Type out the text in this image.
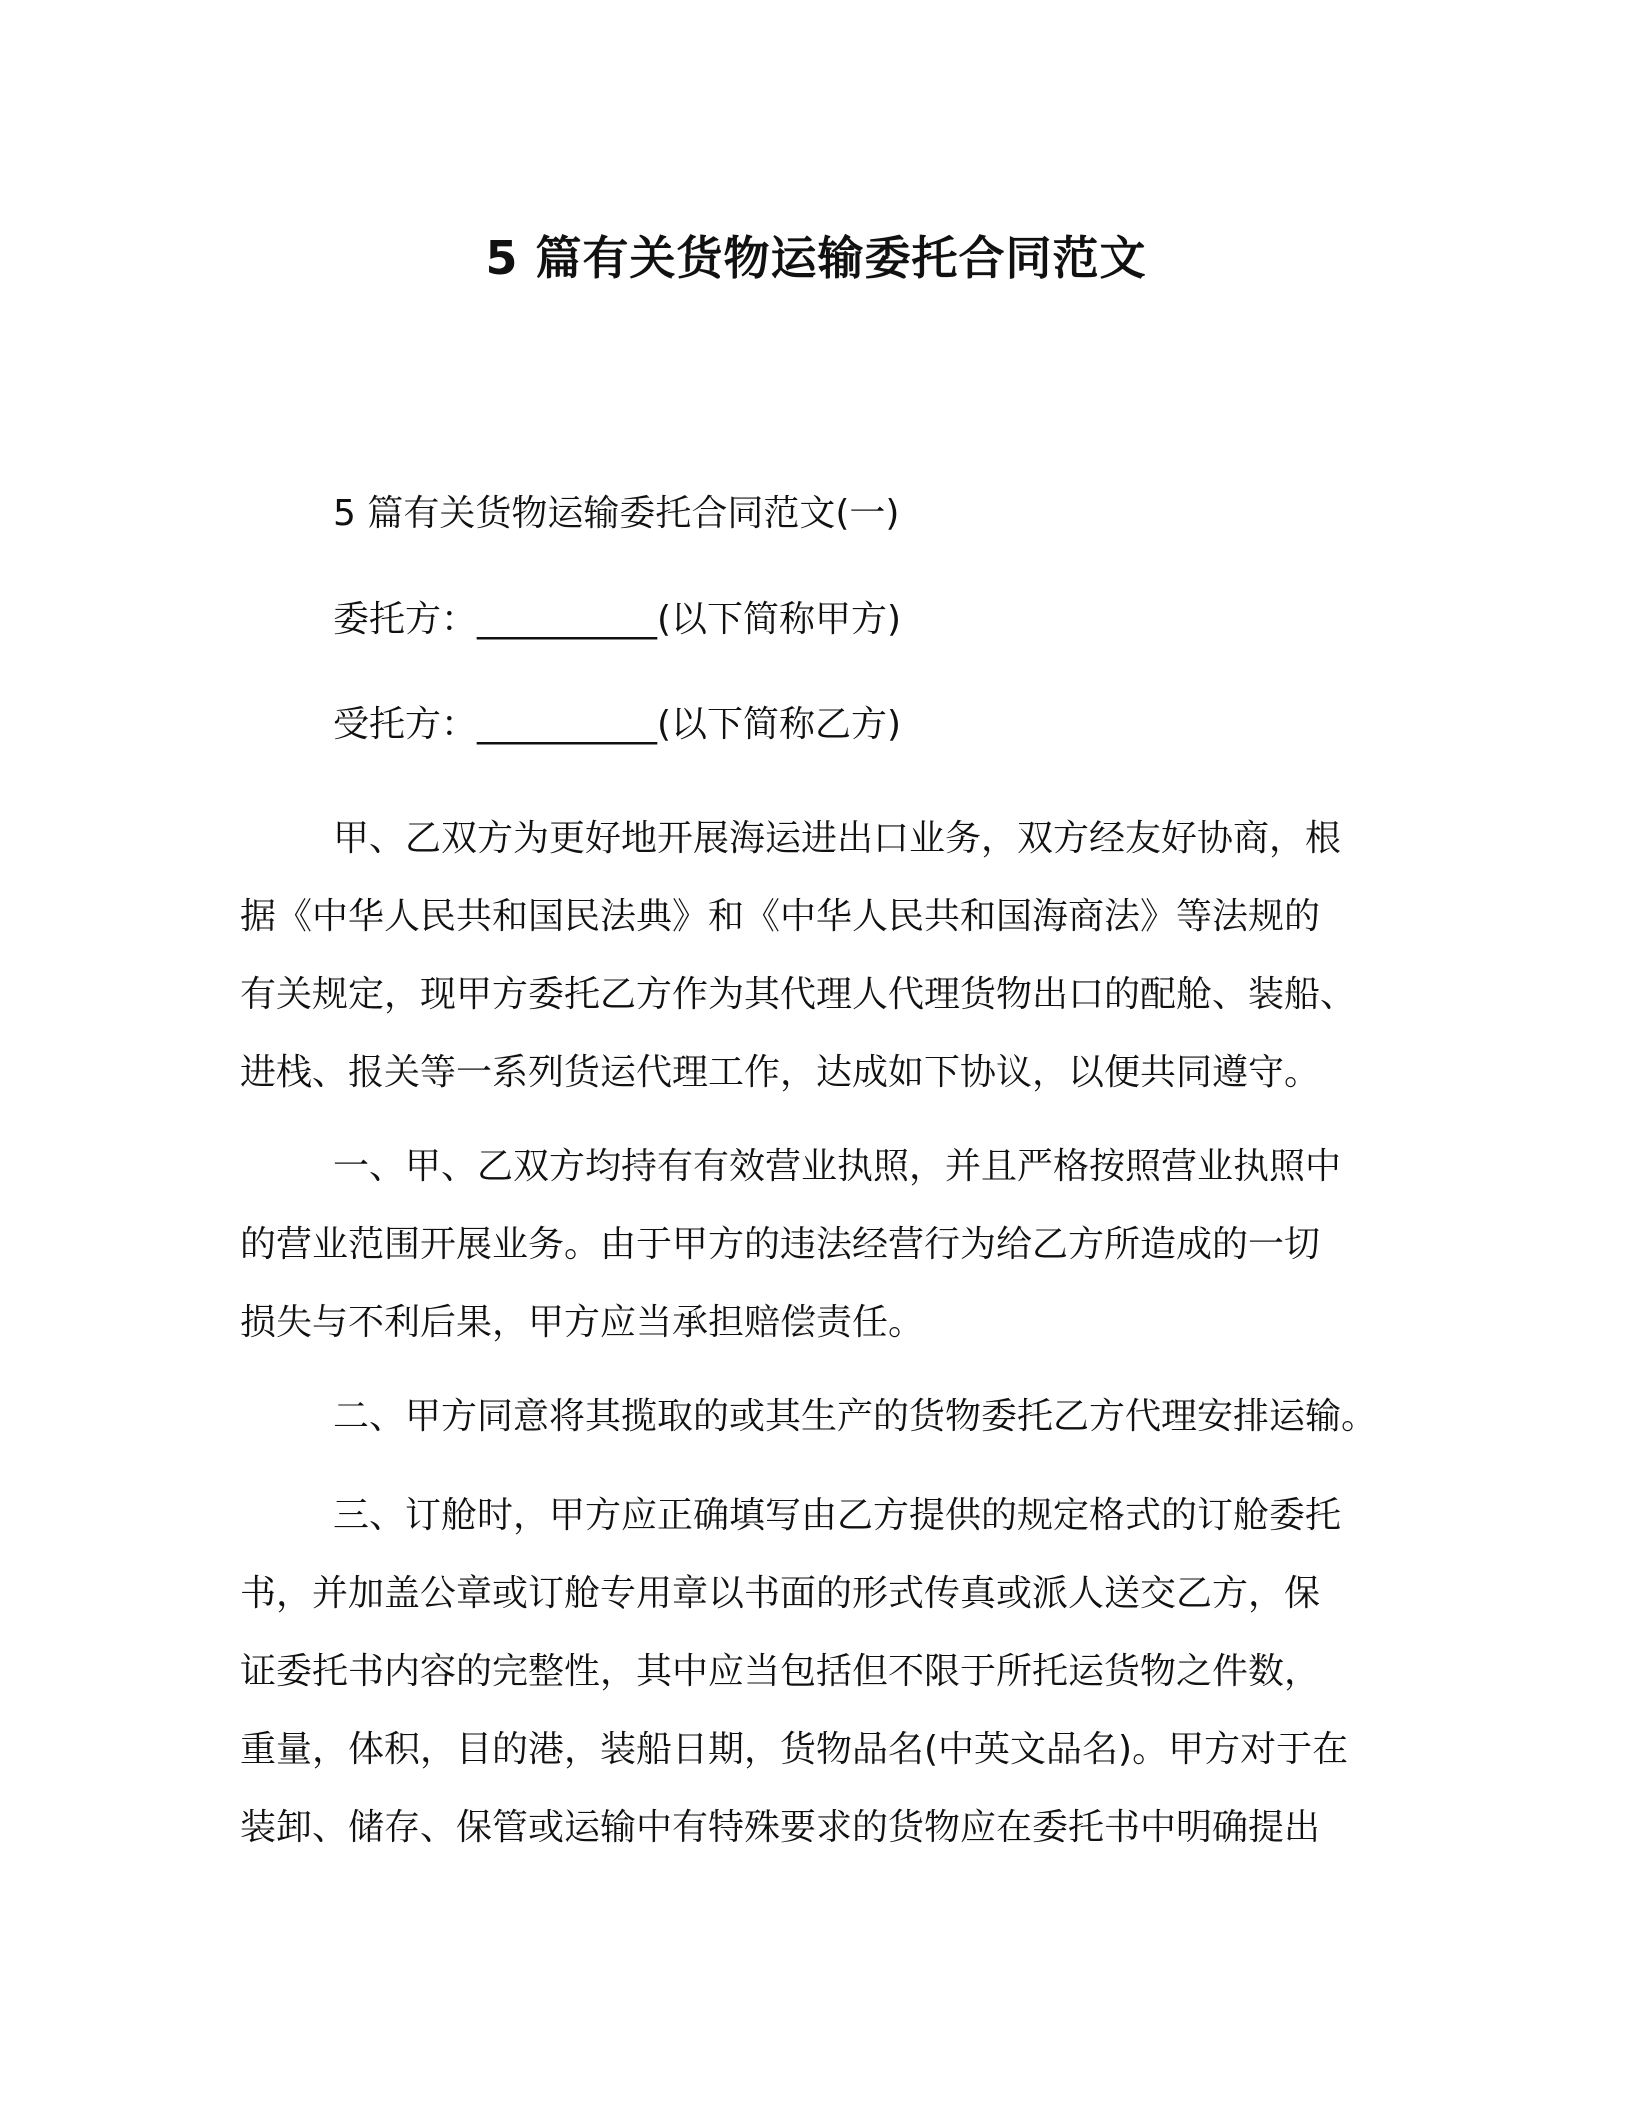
5 篇有关货物运输委托合同范文

5 篇有关货物运输委托合同范文(一)

委托方：__________(以下简称甲方)

受托方：__________(以下简称乙方)

甲、乙双方为更好地开展海运进出口业务，双方经友好协商，根
据《中华人民共和国民法典》和《中华人民共和国海商法》等法规的
有关规定，现甲方委托乙方作为其代理人代理货物出口的配舱、装船、
进栈、报关等一系列货运代理工作，达成如下协议，以便共同遵守。
一、甲、乙双方均持有有效营业执照，并且严格按照营业执照中
的营业范围开展业务。由于甲方的违法经营行为给乙方所造成的一切
损失与不利后果，甲方应当承担赔偿责任。
二、甲方同意将其揽取的或其生产的货物委托乙方代理安排运输。
三、订舱时，甲方应正确填写由乙方提供的规定格式的订舱委托
书，并加盖公章或订舱专用章以书面的形式传真或派人送交乙方，保
证委托书内容的完整性，其中应当包括但不限于所托运货物之件数，
重量，体积，目的港，装船日期，货物品名(中英文品名)。甲方对于在
装卸、储存、保管或运输中有特殊要求的货物应在委托书中明确提出
